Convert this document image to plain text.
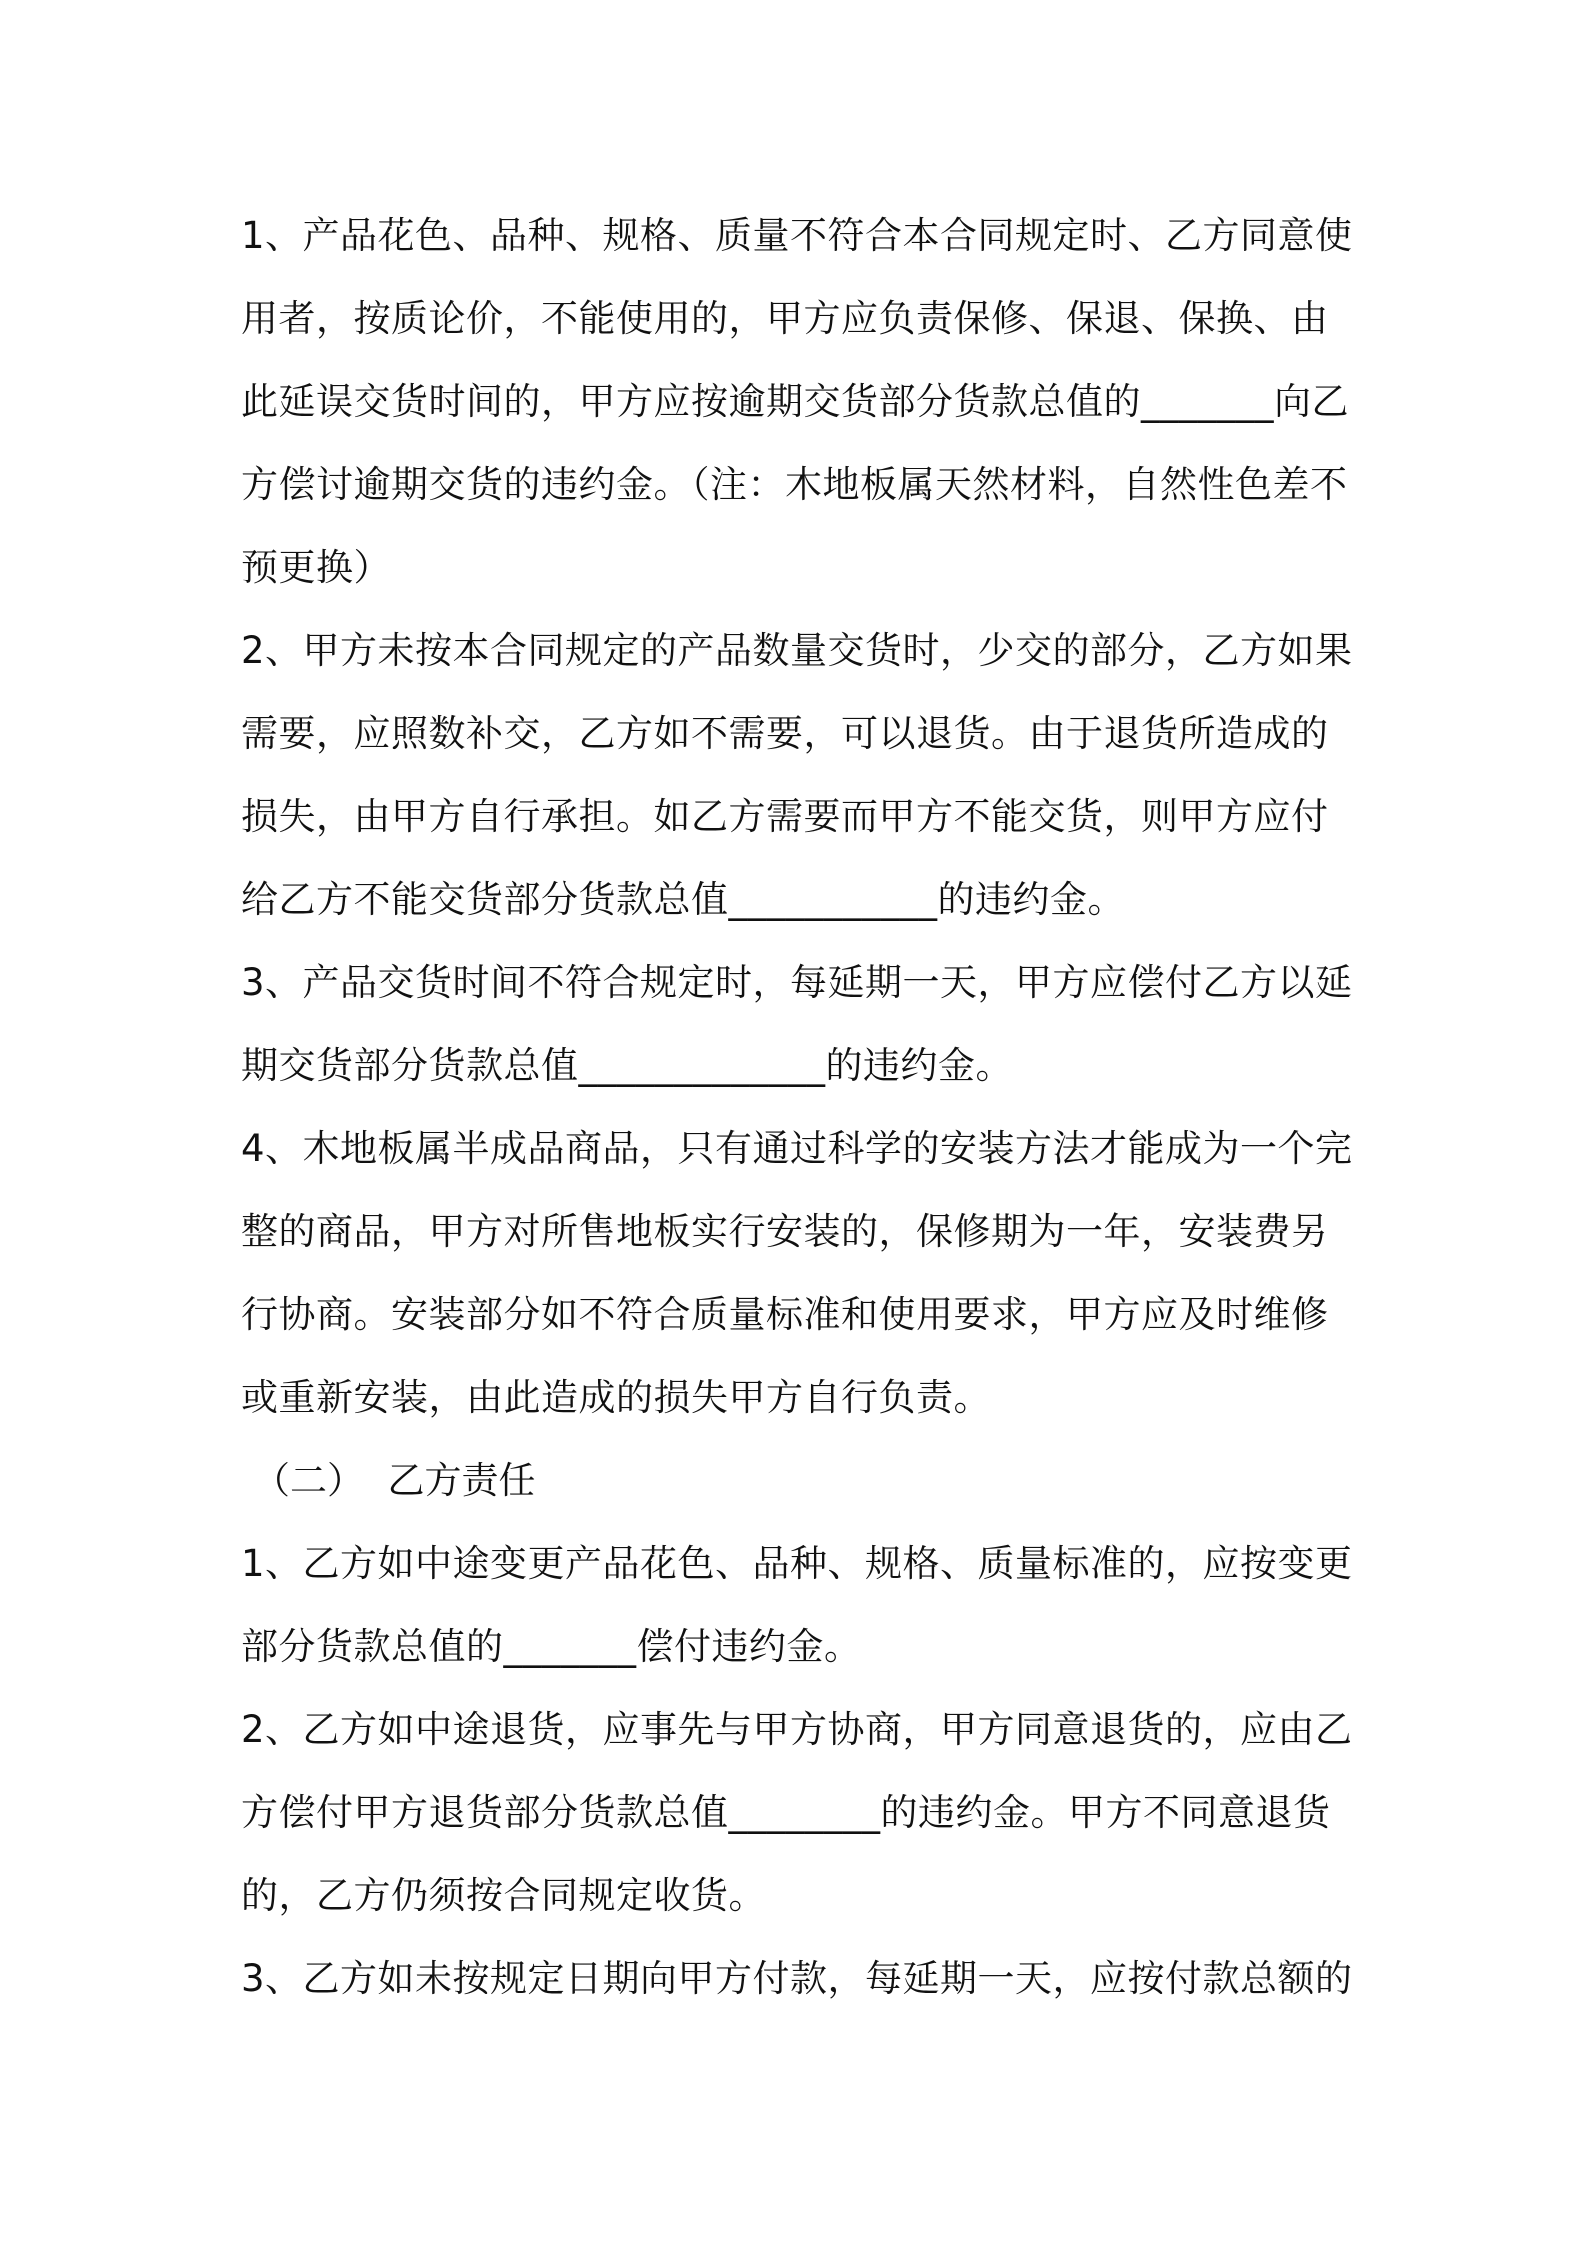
1、产品花色、品种、规格、质量不符合本合同规定时、乙方同意使用者，按质论价，不能使用的，甲方应负责保修、保退、保换、由此延误交货时间的，甲方应按逾期交货部分货款总值的_______向乙方偿讨逾期交货的违约金。（注：木地板属天然材料，自然性色差不预更换）

2、甲方未按本合同规定的产品数量交货时，少交的部分，乙方如果需要，应照数补交，乙方如不需要，可以退货。由于退货所造成的损失，由甲方自行承担。如乙方需要而甲方不能交货，则甲方应付给乙方不能交货部分货款总值___________的违约金。

3、产品交货时间不符合规定时，每延期一天，甲方应偿付乙方以延期交货部分货款总值_____________的违约金。

4、木地板属半成品商品，只有通过科学的安装方法才能成为一个完整的商品，甲方对所售地板实行安装的，保修期为一年，安装费另行协商。安装部分如不符合质量标准和使用要求，甲方应及时维修或重新安装，由此造成的损失甲方自行负责。

（二）  乙方责任

1、乙方如中途变更产品花色、品种、规格、质量标准的，应按变更部分货款总值的_______偿付违约金。

2、乙方如中途退货，应事先与甲方协商，甲方同意退货的，应由乙方偿付甲方退货部分货款总值________的违约金。甲方不同意退货的，乙方仍须按合同规定收货。

3、乙方如未按规定日期向甲方付款，每延期一天，应按付款总额的
